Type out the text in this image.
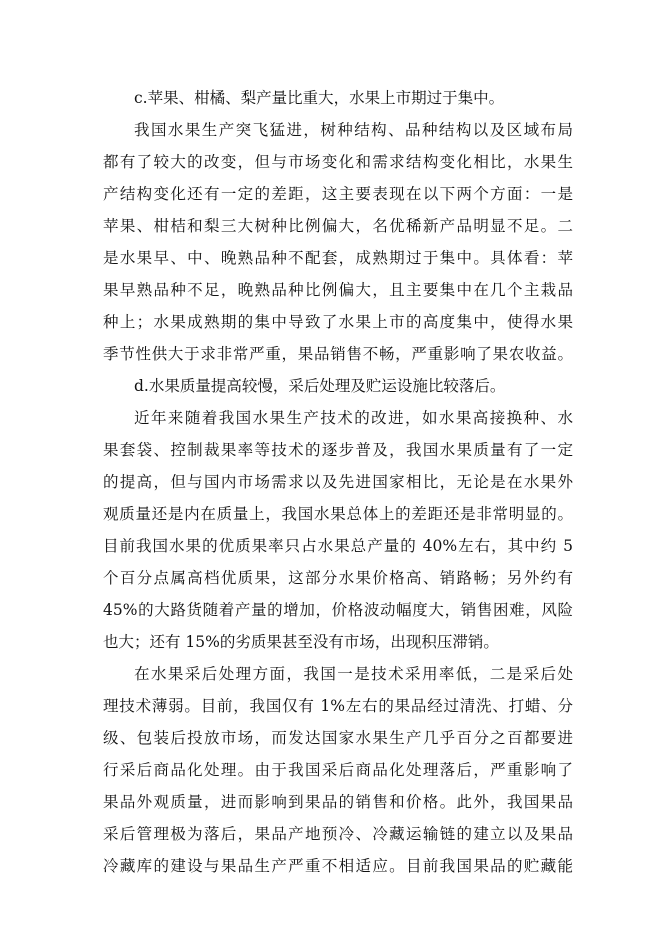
c.苹果、柑橘、梨产量比重大，水果上市期过于集中。
我国水果生产突飞猛进，树种结构、品种结构以及区域布局
都有了较大的改变，但与市场变化和需求结构变化相比，水果生
产结构变化还有一定的差距，这主要表现在以下两个方面：一是
苹果、柑桔和梨三大树种比例偏大，名优稀新产品明显不足。二
是水果早、中、晚熟品种不配套，成熟期过于集中。具体看：苹
果早熟品种不足，晚熟品种比例偏大，且主要集中在几个主栽品
种上；水果成熟期的集中导致了水果上市的高度集中，使得水果
季节性供大于求非常严重，果品销售不畅，严重影响了果农收益。
d.水果质量提高较慢，采后处理及贮运设施比较落后。
近年来随着我国水果生产技术的改进，如水果高接换种、水
果套袋、控制裁果率等技术的逐步普及，我国水果质量有了一定
的提高，但与国内市场需求以及先进国家相比，无论是在水果外
观质量还是内在质量上，我国水果总体上的差距还是非常明显的。
目前我国水果的优质果率只占水果总产量的 40%左右，其中约 5
个百分点属高档优质果，这部分水果价格高、销路畅；另外约有
45%的大路货随着产量的增加，价格波动幅度大，销售困难，风险
也大；还有 15%的劣质果甚至没有市场，出现积压滞销。
在水果采后处理方面，我国一是技术采用率低，二是采后处
理技术薄弱。目前，我国仅有 1%左右的果品经过清洗、打蜡、分
级、包装后投放市场，而发达国家水果生产几乎百分之百都要进
行采后商品化处理。由于我国采后商品化处理落后，严重影响了
果品外观质量，进而影响到果品的销售和价格。此外，我国果品
采后管理极为落后，果品产地预冷、冷藏运输链的建立以及果品
冷藏库的建设与果品生产严重不相适应。目前我国果品的贮藏能
